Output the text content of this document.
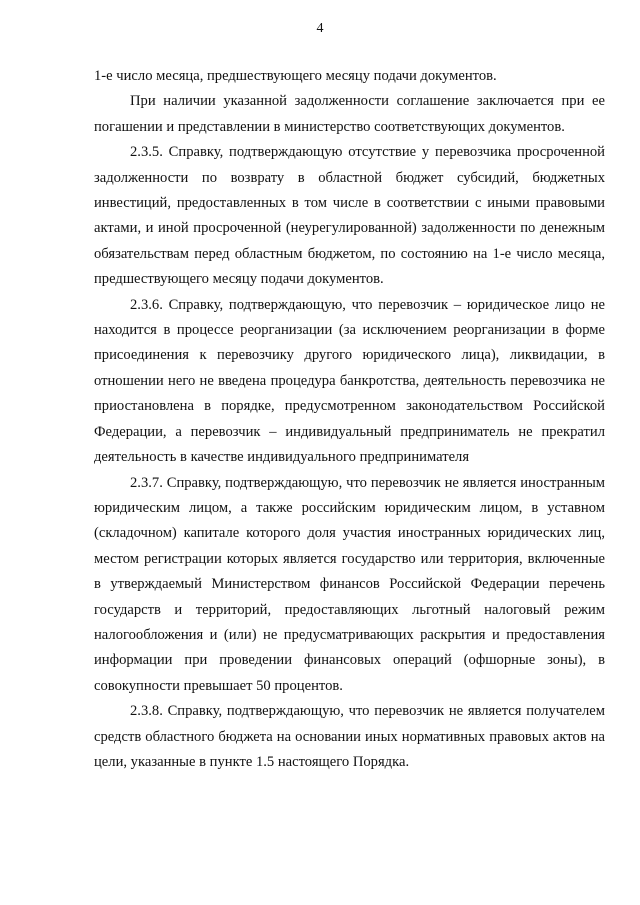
4

1-е число месяца, предшествующего месяцу подачи документов.

При наличии указанной задолженности соглашение заключается при ее погашении и представлении в министерство соответствующих документов.

2.3.5. Справку, подтверждающую отсутствие у перевозчика просроченной задолженности по возврату в областной бюджет субсидий, бюджетных инвестиций, предоставленных в том числе в соответствии с иными правовыми актами, и иной просроченной (неурегулированной) задолженности по денежным обязательствам перед областным бюджетом, по состоянию на 1-е число месяца, предшествующего месяцу подачи документов.

2.3.6. Справку, подтверждающую, что перевозчик – юридическое лицо не находится в процессе реорганизации (за исключением реорганизации в форме присоединения к перевозчику другого юридического лица), ликвидации, в отношении него не введена процедура банкротства, деятельность перевозчика не приостановлена в порядке, предусмотренном законодательством Российской Федерации, а перевозчик – индивидуальный предприниматель не прекратил деятельность в качестве индивидуального предпринимателя

2.3.7. Справку, подтверждающую, что перевозчик не является иностранным юридическим лицом, а также российским юридическим лицом, в уставном (складочном) капитале которого доля участия иностранных юридических лиц, местом регистрации которых является государство или территория, включенные в утверждаемый Министерством финансов Российской Федерации перечень государств и территорий, предоставляющих льготный налоговый режим налогообложения и (или) не предусматривающих раскрытия и предоставления информации при проведении финансовых операций (офшорные зоны), в совокупности превышает 50 процентов.

2.3.8. Справку, подтверждающую, что перевозчик не является получателем средств областного бюджета на основании иных нормативных правовых актов на цели, указанные в пункте 1.5 настоящего Порядка.
